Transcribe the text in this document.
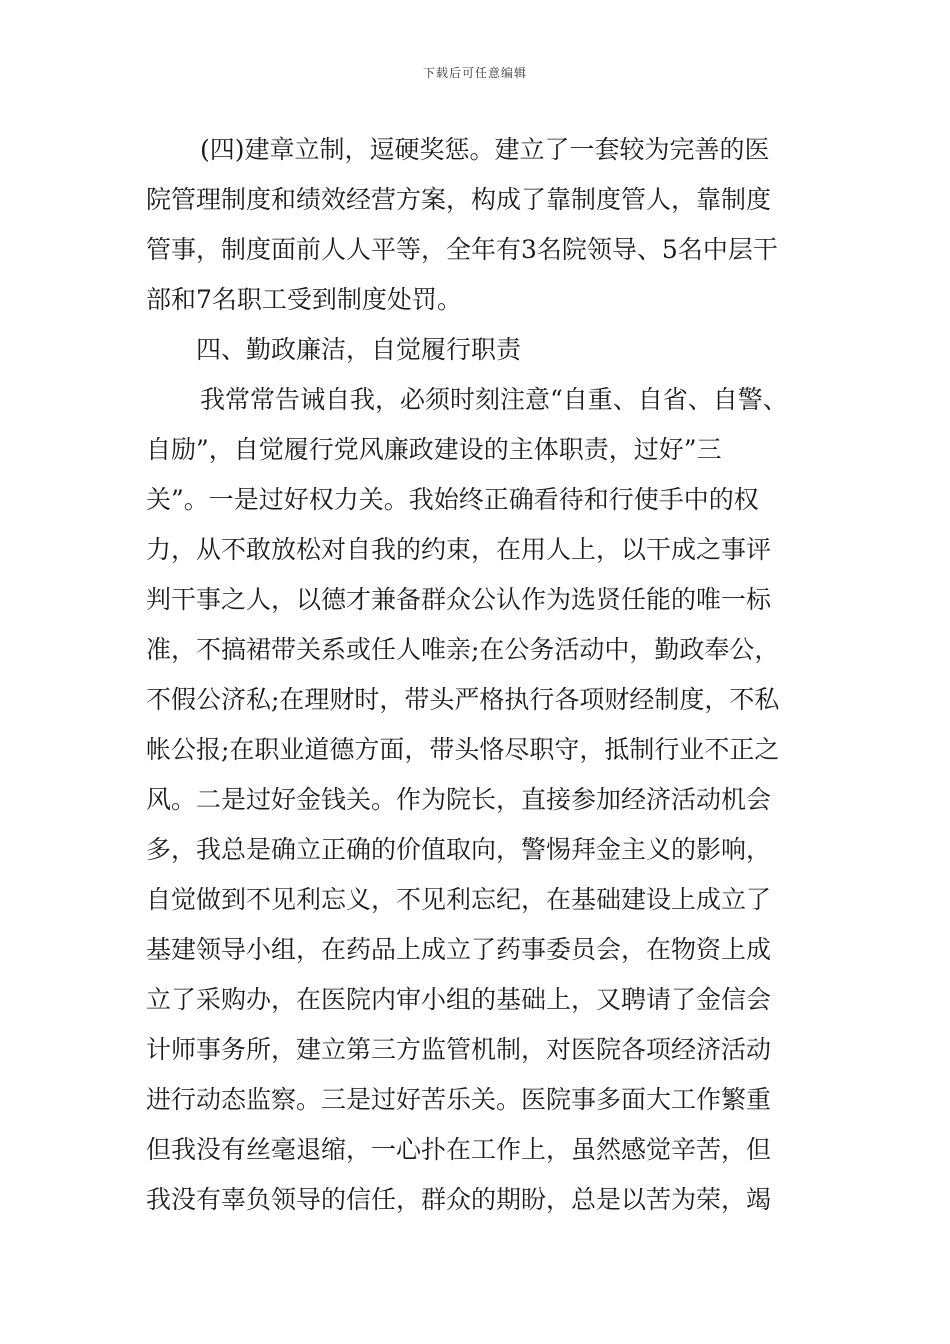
下载后可任意编辑
(四)建章立制，逗硬奖惩。建立了一套较为完善的医
院管理制度和绩效经营方案，构成了靠制度管人，靠制度
管事，制度面前人人平等，全年有3名院领导、5名中层干
部和7名职工受到制度处罚。
四、勤政廉洁，自觉履行职责
我常常告诫自我，必须时刻注意“自重、自省、自警、
自励”，自觉履行党风廉政建设的主体职责，过好”三
关”。一是过好权力关。我始终正确看待和行使手中的权
力，从不敢放松对自我的约束，在用人上，以干成之事评
判干事之人，以德才兼备群众公认作为选贤任能的唯一标
准，不搞裙带关系或任人唯亲;在公务活动中，勤政奉公，
不假公济私;在理财时，带头严格执行各项财经制度，不私
帐公报;在职业道德方面，带头恪尽职守，抵制行业不正之
风。二是过好金钱关。作为院长，直接参加经济活动机会
多，我总是确立正确的价值取向，警惕拜金主义的影响，
自觉做到不见利忘义，不见利忘纪，在基础建设上成立了
基建领导小组，在药品上成立了药事委员会，在物资上成
立了采购办，在医院内审小组的基础上，又聘请了金信会
计师事务所，建立第三方监管机制，对医院各项经济活动
进行动态监察。三是过好苦乐关。医院事多面大工作繁重
但我没有丝毫退缩，一心扑在工作上，虽然感觉辛苦，但
我没有辜负领导的信任，群众的期盼，总是以苦为荣，竭
